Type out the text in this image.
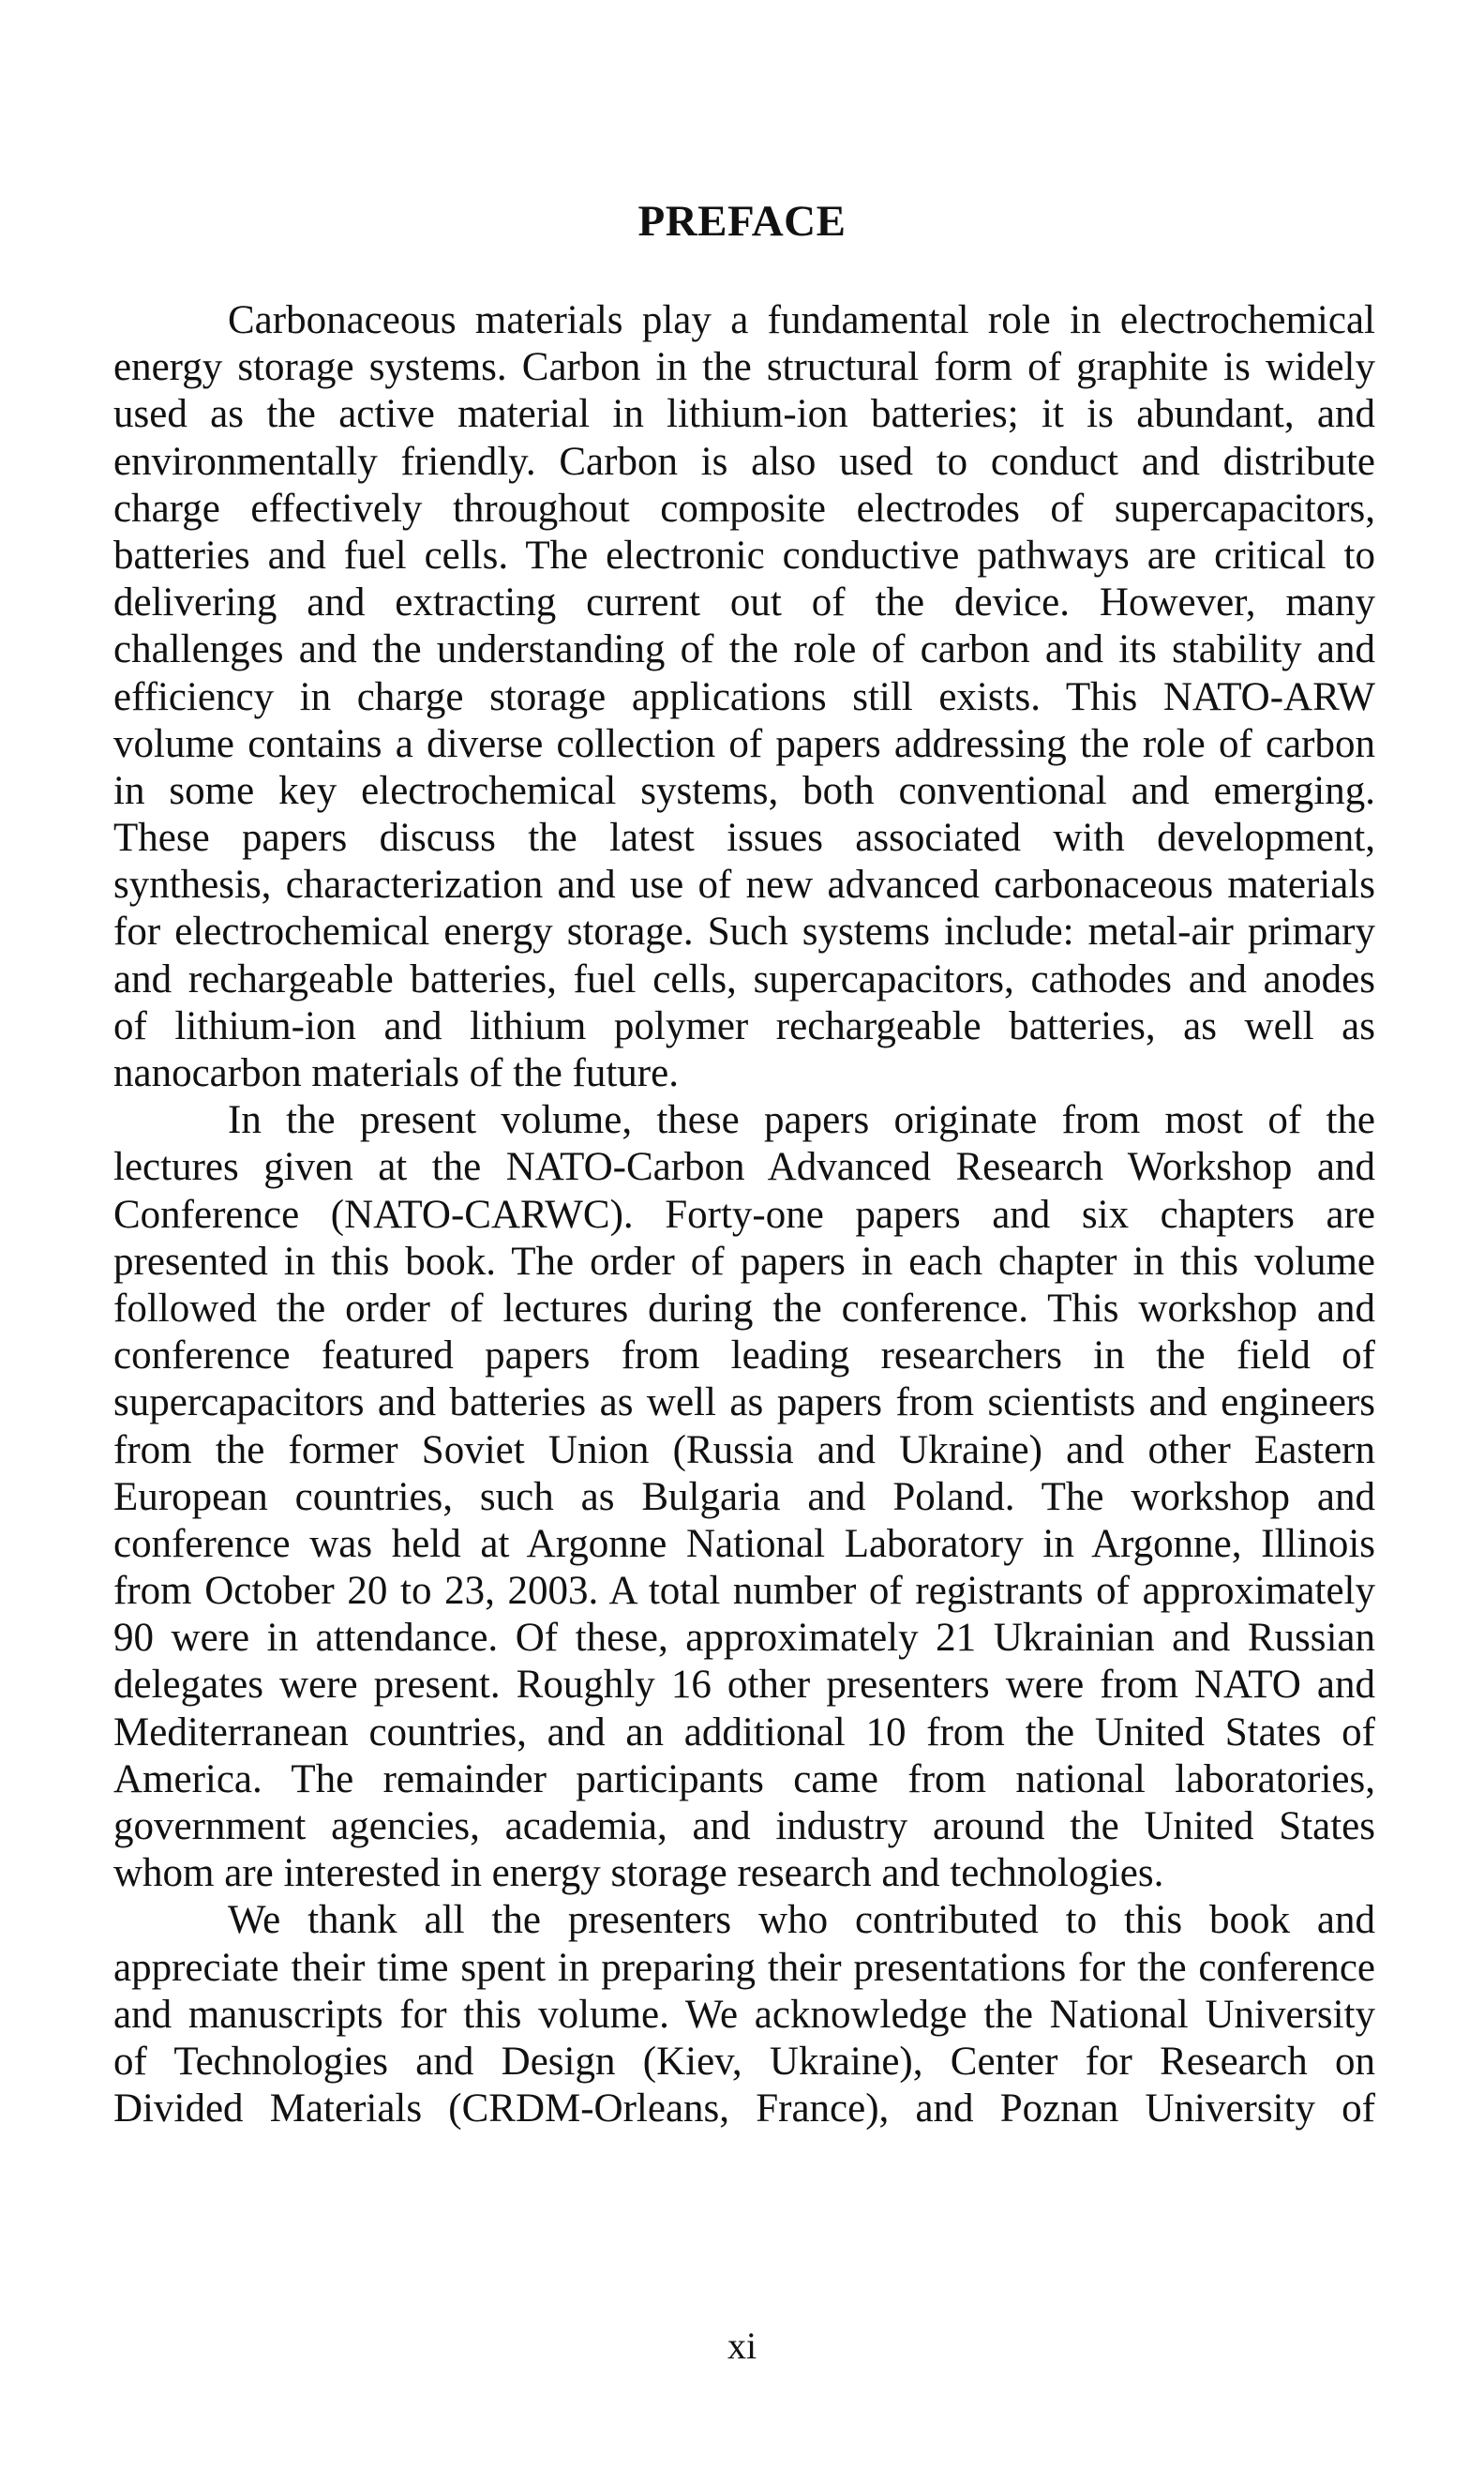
PREFACE

Carbonaceous materials play a fundamental role in electrochemical
energy storage systems. Carbon in the structural form of graphite is widely
used as the active material in lithium-ion batteries; it is abundant, and
environmentally friendly. Carbon is also used to conduct and distribute
charge effectively throughout composite electrodes of supercapacitors,
batteries and fuel cells. The electronic conductive pathways are critical to
delivering and extracting current out of the device. However, many
challenges and the understanding of the role of carbon and its stability and
efficiency in charge storage applications still exists. This NATO-ARW
volume contains a diverse collection of papers addressing the role of carbon
in some key electrochemical systems, both conventional and emerging.
These papers discuss the latest issues associated with development,
synthesis, characterization and use of new advanced carbonaceous materials
for electrochemical energy storage. Such systems include: metal-air primary
and rechargeable batteries, fuel cells, supercapacitors, cathodes and anodes
of lithium-ion and lithium polymer rechargeable batteries, as well as
nanocarbon materials of the future.

In the present volume, these papers originate from most of the
lectures given at the NATO-Carbon Advanced Research Workshop and
Conference (NATO-CARWC). Forty-one papers and six chapters are
presented in this book. The order of papers in each chapter in this volume
followed the order of lectures during the conference. This workshop and
conference featured papers from leading researchers in the field of
supercapacitors and batteries as well as papers from scientists and engineers
from the former Soviet Union (Russia and Ukraine) and other Eastern
European countries, such as Bulgaria and Poland. The workshop and
conference was held at Argonne National Laboratory in Argonne, Illinois
from October 20 to 23, 2003. A total number of registrants of approximately
90 were in attendance. Of these, approximately 21 Ukrainian and Russian
delegates were present. Roughly 16 other presenters were from NATO and
Mediterranean countries, and an additional 10 from the United States of
America. The remainder participants came from national laboratories,
government agencies, academia, and industry around the United States
whom are interested in energy storage research and technologies.

We thank all the presenters who contributed to this book and
appreciate their time spent in preparing their presentations for the conference
and manuscripts for this volume. We acknowledge the National University
of Technologies and Design (Kiev, Ukraine), Center for Research on
Divided Materials (CRDM-Orleans, France), and Poznan University of

xi
